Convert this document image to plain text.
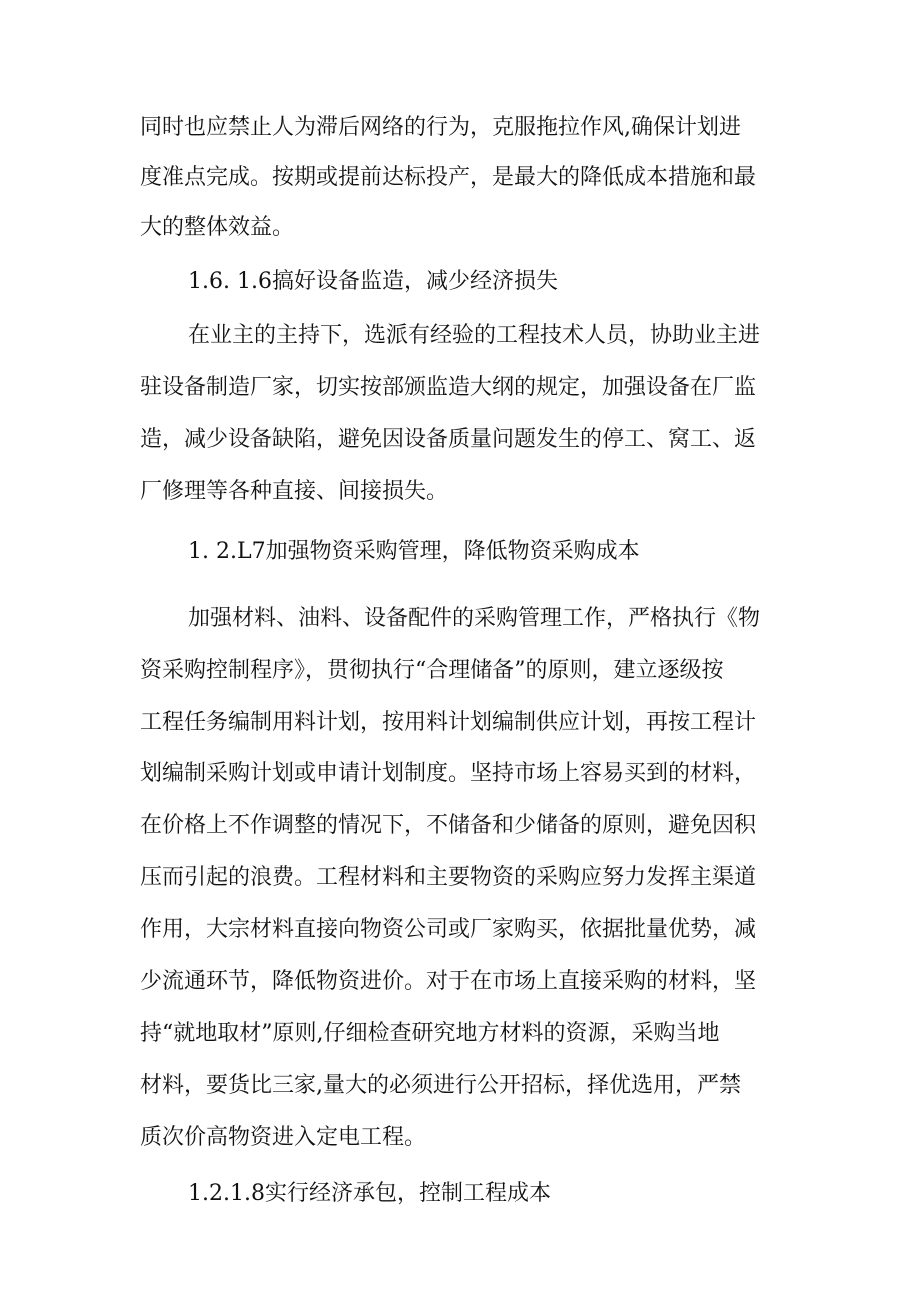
同时也应禁止人为滞后网络的行为，克服拖拉作风,确保计划进

度准点完成。按期或提前达标投产，是最大的降低成本措施和最

大的整体效益。

1.6. 1.6搞好设备监造，减少经济损失

在业主的主持下，选派有经验的工程技术人员，协助业主进

驻设备制造厂家，切实按部颁监造大纲的规定，加强设备在厂监

造，减少设备缺陷，避免因设备质量问题发生的停工、窝工、返

厂修理等各种直接、间接损失。

1. 2.L7加强物资采购管理，降低物资采购成本

加强材料、油料、设备配件的采购管理工作，严格执行《物

资采购控制程序》，贯彻执行“合理储备”的原则，建立逐级按

工程任务编制用料计划，按用料计划编制供应计划，再按工程计

划编制采购计划或申请计划制度。坚持市场上容易买到的材料，

在价格上不作调整的情况下，不储备和少储备的原则，避免因积

压而引起的浪费。工程材料和主要物资的采购应努力发挥主渠道

作用，大宗材料直接向物资公司或厂家购买，依据批量优势，减

少流通环节，降低物资进价。对于在市场上直接采购的材料，坚

持“就地取材”原则,仔细检查研究地方材料的资源，采购当地

材料，要货比三家,量大的必须进行公开招标，择优选用，严禁

质次价高物资进入定电工程。

1.2.1.8实行经济承包，控制工程成本
